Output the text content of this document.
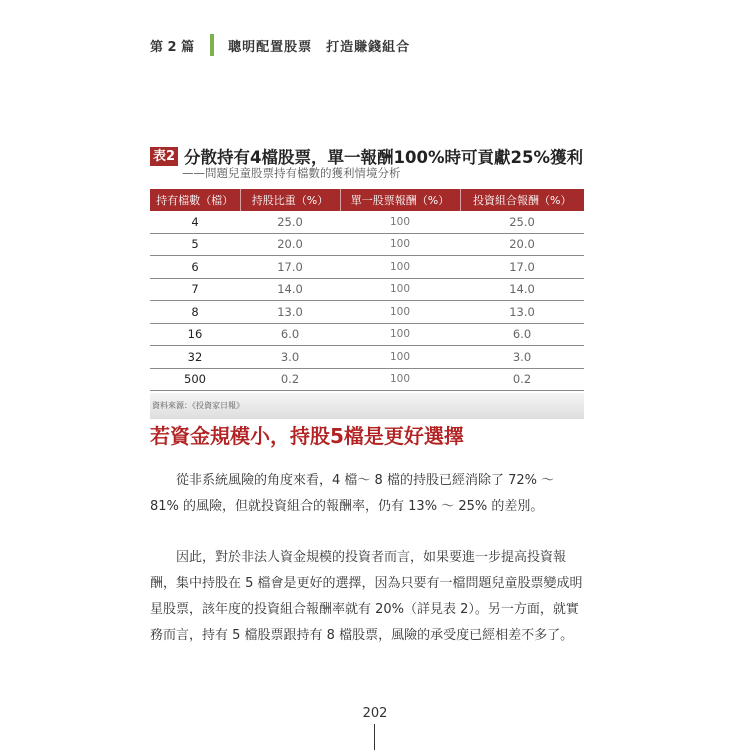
第 2 篇	聰明配置股票　打造賺錢組合
表2 分散持有4檔股票，單一報酬100%時可貢獻25%獲利
——問題兒童股票持有檔數的獲利情境分析
持有檔數（檔）	持股比重（%）	單一股票報酬（%）	投資組合報酬（%）
4	25.0	100	25.0
5	20.0	100	20.0
6	17.0	100	17.0
7	14.0	100	14.0
8	13.0	100	13.0
16	6.0	100	6.0
32	3.0	100	3.0
500	0.2	100	0.2
資料來源：《投資家日報》
若資金規模小，持股5檔是更好選擇
從非系統風險的角度來看，4 檔～ 8 檔的持股已經消除了 72% ～ 81% 的風險，但就投資組合的報酬率，仍有 13% ～ 25% 的差別。
因此，對於非法人資金規模的投資者而言，如果要進一步提高投資報酬，集中持股在 5 檔會是更好的選擇，因為只要有一檔問題兒童股票變成明星股票，該年度的投資組合報酬率就有 20%（詳見表 2）。另一方面，就實務而言，持有 5 檔股票跟持有 8 檔股票，風險的承受度已經相差不多了。
202
